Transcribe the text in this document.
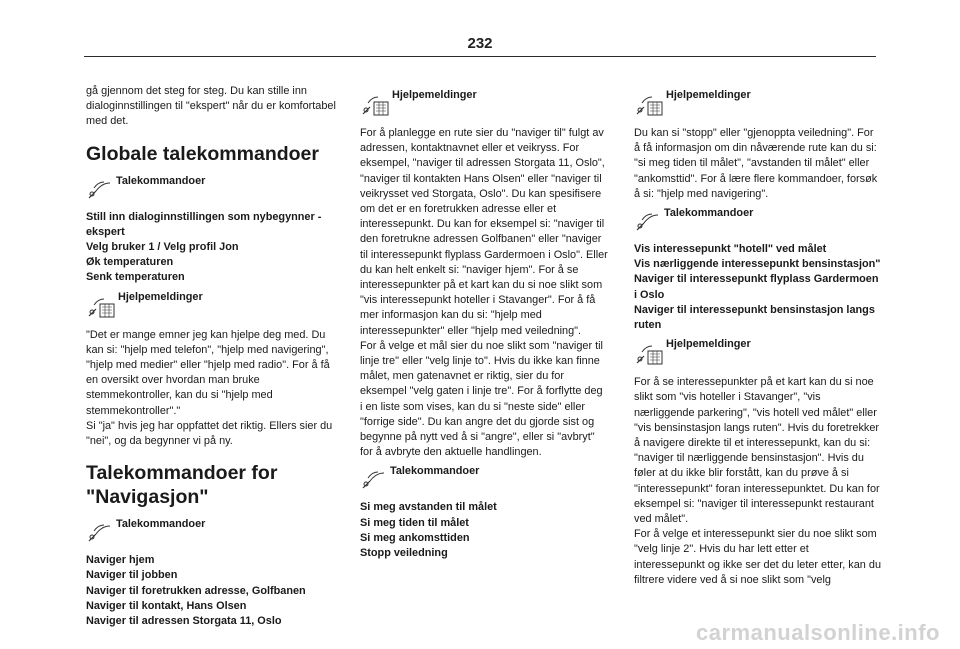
232

gå gjennom det steg for steg. Du kan stille inn dialoginnstillingen til "ekspert" når du er komfortabel med det.

Globale talekommandoer
Talekommandoer

Still inn dialoginnstillingen som nybegynner - ekspert

Velg bruker 1 / Velg profil Jon

Øk temperaturen

Senk temperaturen

Hjelpemeldinger

"Det er mange emner jeg kan hjelpe deg med. Du kan si: "hjelp med telefon", "hjelp med navigering", "hjelp med medier" eller "hjelp med radio". For å få en oversikt over hvordan man bruke stemmekontroller, kan du si "hjelp med stemmekontroller"."

Si "ja" hvis jeg har oppfattet det riktig. Ellers sier du "nei", og da begynner vi på ny.

Talekommandoer for "Navigasjon"
Talekommandoer

Naviger hjem

Naviger til jobben

Naviger til foretrukken adresse, Golfbanen

Naviger til kontakt, Hans Olsen

Naviger til adressen Storgata 11, Oslo

Hjelpemeldinger

For å planlegge en rute sier du "naviger til" fulgt av adressen, kontaktnavnet eller et veikryss. For eksempel, "naviger til adressen Storgata 11, Oslo", "naviger til kontakten Hans Olsen" eller "naviger til veikrysset ved Storgata, Oslo". Du kan spesifisere om det er en foretrukken adresse eller et interessepunkt. Du kan for eksempel si: "naviger til den foretrukne adressen Golfbanen" eller "naviger til interessepunkt flyplass Gardermoen i Oslo". Eller du kan helt enkelt si: "naviger hjem". For å se interessepunkter på et kart kan du si noe slikt som "vis interessepunkt hoteller i Stavanger". For å få mer informasjon kan du si: "hjelp med interessepunkter" eller "hjelp med veiledning".

For å velge et mål sier du noe slikt som "naviger til linje tre" eller "velg linje to". Hvis du ikke kan finne målet, men gatenavnet er riktig, sier du for eksempel "velg gaten i linje tre". For å forflytte deg i en liste som vises, kan du si "neste side" eller "forrige side". Du kan angre det du gjorde sist og begynne på nytt ved å si "angre", eller si "avbryt" for å avbryte den aktuelle handlingen.

Talekommandoer

Si meg avstanden til målet

Si meg tiden til målet

Si meg ankomsttiden

Stopp veiledning

Hjelpemeldinger

Du kan si "stopp" eller "gjenoppta veiledning". For å få informasjon om din nåværende rute kan du si: "si meg tiden til målet", "avstanden til målet" eller "ankomsttid". For å lære flere kommandoer, forsøk å si: "hjelp med navigering".

Talekommandoer

Vis interessepunkt "hotell" ved målet

Vis nærliggende interessepunkt bensinstasjon"

Naviger til interessepunkt flyplass Gardermoen i Oslo

Naviger til interessepunkt bensinstasjon langs ruten

Hjelpemeldinger

For å se interessepunkter på et kart kan du si noe slikt som "vis hoteller i Stavanger", "vis nærliggende parkering", "vis hotell ved målet" eller "vis bensinstasjon langs ruten". Hvis du foretrekker å navigere direkte til et interessepunkt, kan du si: "naviger til nærliggende bensinstasjon". Hvis du føler at du ikke blir forstått, kan du prøve å si "interessepunkt" foran interessepunktet. Du kan for eksempel si: "naviger til interessepunkt restaurant ved målet".

For å velge et interessepunkt sier du noe slikt som "velg linje 2". Hvis du har lett etter et interessepunkt og ikke ser det du leter etter, kan du filtrere videre ved å si noe slikt som "velg

carmanualsonline.info
